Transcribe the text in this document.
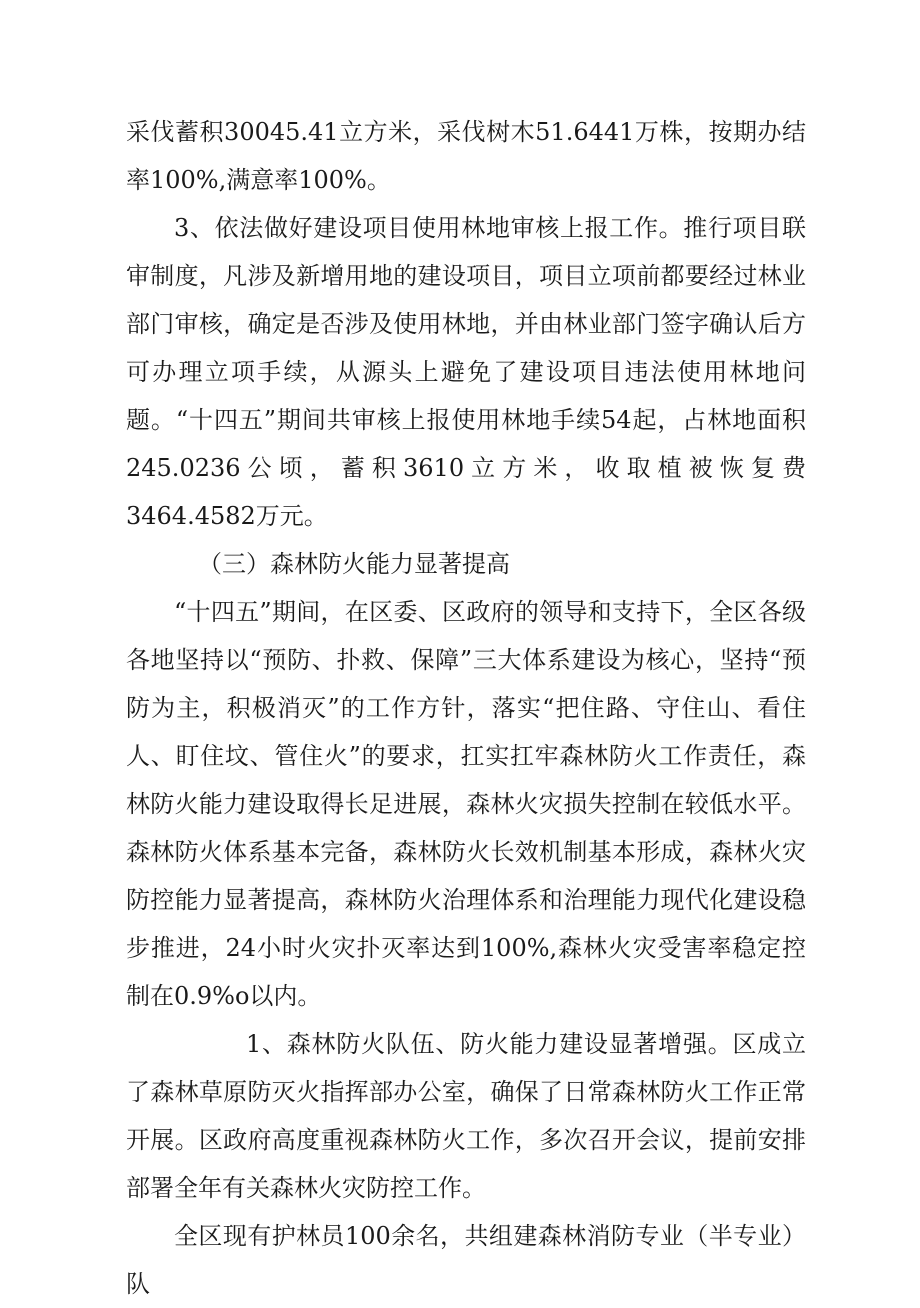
采伐蓄积30045.41立方米，采伐树木51.6441万株，按期办结率100%,满意率100%。

3、依法做好建设项目使用林地审核上报工作。推行项目联审制度，凡涉及新增用地的建设项目，项目立项前都要经过林业部门审核，确定是否涉及使用林地，并由林业部门签字确认后方可办理立项手续，从源头上避免了建设项目违法使用林地问题。“十四五”期间共审核上报使用林地手续54起，占林地面积245.0236公顷，蓄积3610立方米，收取植被恢复费3464.4582万元。

（三）森林防火能力显著提高

“十四五”期间，在区委、区政府的领导和支持下，全区各级各地坚持以“预防、扑救、保障”三大体系建设为核心，坚持“预防为主，积极消灭”的工作方针，落实“把住路、守住山、看住人、盯住坟、管住火”的要求，扛实扛牢森林防火工作责任，森林防火能力建设取得长足进展，森林火灾损失控制在较低水平。森林防火体系基本完备，森林防火长效机制基本形成，森林火灾防控能力显著提高，森林防火治理体系和治理能力现代化建设稳步推进，24小时火灾扑灭率达到100%,森林火灾受害率稳定控制在0.9%o以内。

1、森林防火队伍、防火能力建设显著增强。区成立了森林草原防灭火指挥部办公室，确保了日常森林防火工作正常开展。区政府高度重视森林防火工作，多次召开会议，提前安排部署全年有关森林火灾防控工作。

全区现有护林员100余名，共组建森林消防专业（半专业）队
